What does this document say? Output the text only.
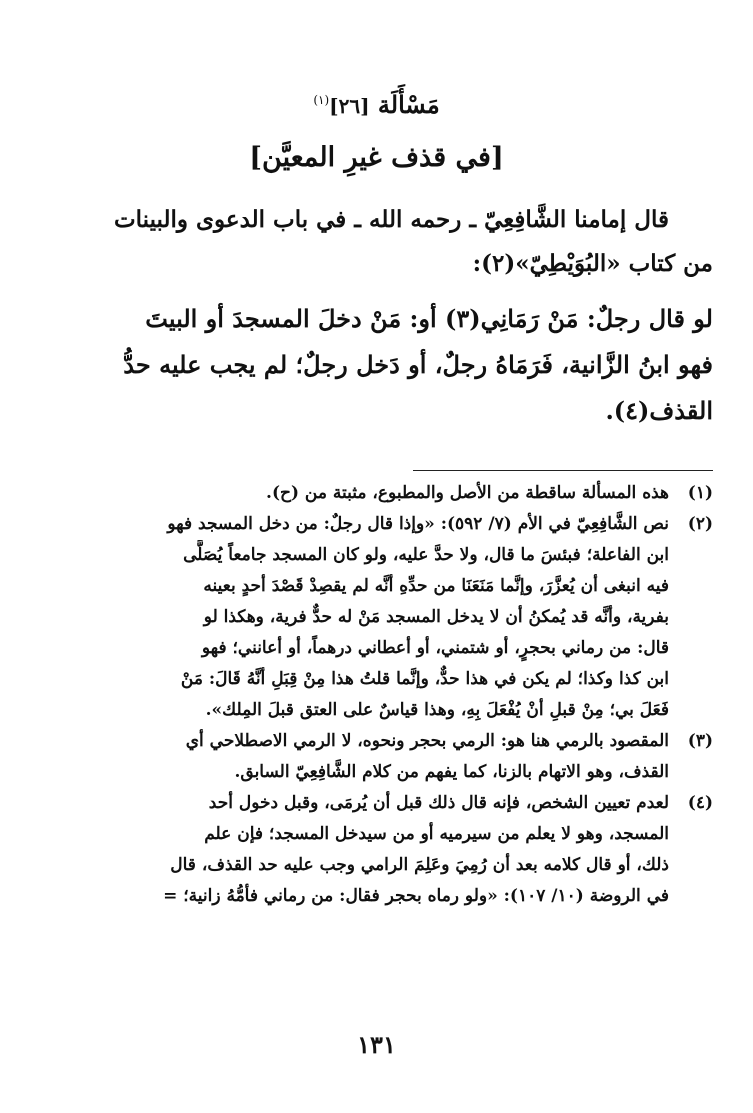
مَسْأَلَة [٢٦]$^{(١)}$
[في قذف غيرِ المعيَّن]
قال إمامنا الشَّافِعِيّ ـ رحمه الله ـ في باب الدعوى والبينات
من كتاب «البُوَيْطِيّ»(٢):
لو قال رجلٌ: مَنْ رَمَانِي(٣) أو: مَنْ دخلَ المسجدَ أو البيتَ
فهو ابنُ الزَّانية، فَرَمَاهُ رجلٌ، أو دَخل رجلٌ؛ لم يجب عليه حدُّ
القذف(٤).
(١)
هذه المسألة ساقطة من الأصل والمطبوع، مثبتة من (ح).
(٢)
نص الشَّافِعِيّ في الأم (٧/ ٥٩٢): «وإذا قال رجلٌ: من دخل المسجد فهو
ابن الفاعلة؛ فبئسَ ما قال، ولا حدَّ عليه، ولو كان المسجد جامعاً يُصَلَّى
فيه انبغى أن يُعزَّرَ، وإنَّما مَنَعَنَا من حدِّهِ أنَّه لم يقصِدْ قَصْدَ أحدٍ بعينه
بفرية، وأنَّه قد يُمكنُ أن لا يدخل المسجد مَنْ له حدٌّ فرية، وهكذا لو
قال: من رماني بحجرٍ، أو شتمني، أو أعطاني درهماً، أو أعانني؛ فهو
ابن كذا وكذا؛ لم يكن في هذا حدٌّ، وإنَّما قلتُ هذا مِنْ قِبَلِ أنَّهُ قَالَ: مَنْ
فَعَلَ بي؛ مِنْ قبلِ أنْ يُفْعَلَ بِهِ، وهذا قياسٌ على العتق قبلَ المِلك».
(٣)
المقصود بالرمي هنا هو: الرمي بحجر ونحوه، لا الرمي الاصطلاحي أي
القذف، وهو الاتهام بالزنا، كما يفهم من كلام الشَّافِعِيّ السابق.
(٤)
لعدم تعيين الشخص، فإنه قال ذلك قبل أن يُرمَى، وقبل دخول أحد
المسجد، وهو لا يعلم من سيرميه أو من سيدخل المسجد؛ فإن علم
ذلك، أو قال كلامه بعد أن رُمِيَ وعَلِمَ الرامي وجب عليه حد القذف، قال
في الروضة (١٠/ ١٠٧): «ولو رماه بحجر فقال: من رماني فأمُّهُ زانية؛ =
١٣١
